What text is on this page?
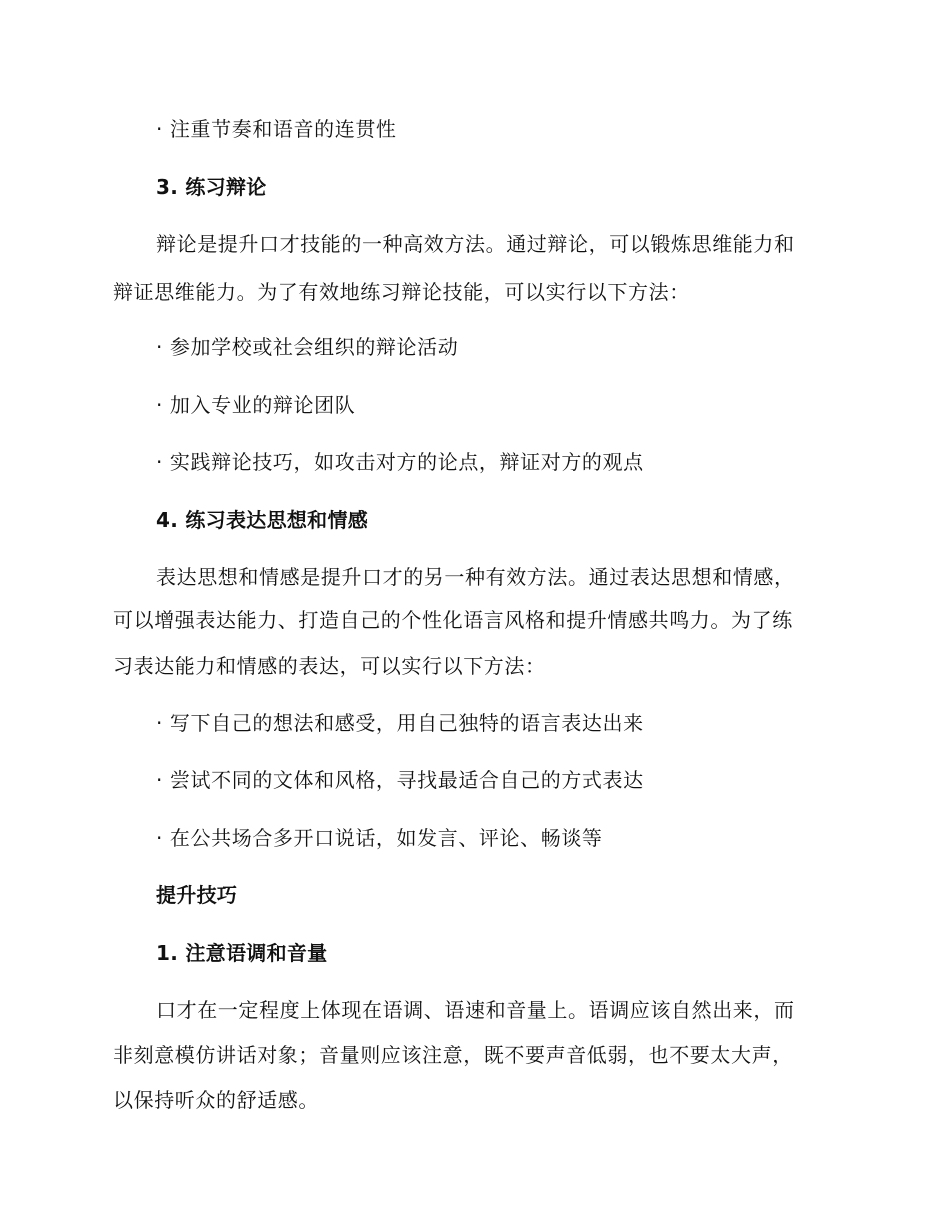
· 注重节奏和语音的连贯性
3. 练习辩论
辩论是提升口才技能的一种高效方法。通过辩论，可以锻炼思维能力和
辩证思维能力。为了有效地练习辩论技能，可以实行以下方法：
· 参加学校或社会组织的辩论活动
· 加入专业的辩论团队
· 实践辩论技巧，如攻击对方的论点，辩证对方的观点
4. 练习表达思想和情感
表达思想和情感是提升口才的另一种有效方法。通过表达思想和情感，
可以增强表达能力、打造自己的个性化语言风格和提升情感共鸣力。为了练
习表达能力和情感的表达，可以实行以下方法：
· 写下自己的想法和感受，用自己独特的语言表达出来
· 尝试不同的文体和风格，寻找最适合自己的方式表达
· 在公共场合多开口说话，如发言、评论、畅谈等
提升技巧
1. 注意语调和音量
口才在一定程度上体现在语调、语速和音量上。语调应该自然出来，而
非刻意模仿讲话对象；音量则应该注意，既不要声音低弱，也不要太大声，
以保持听众的舒适感。
